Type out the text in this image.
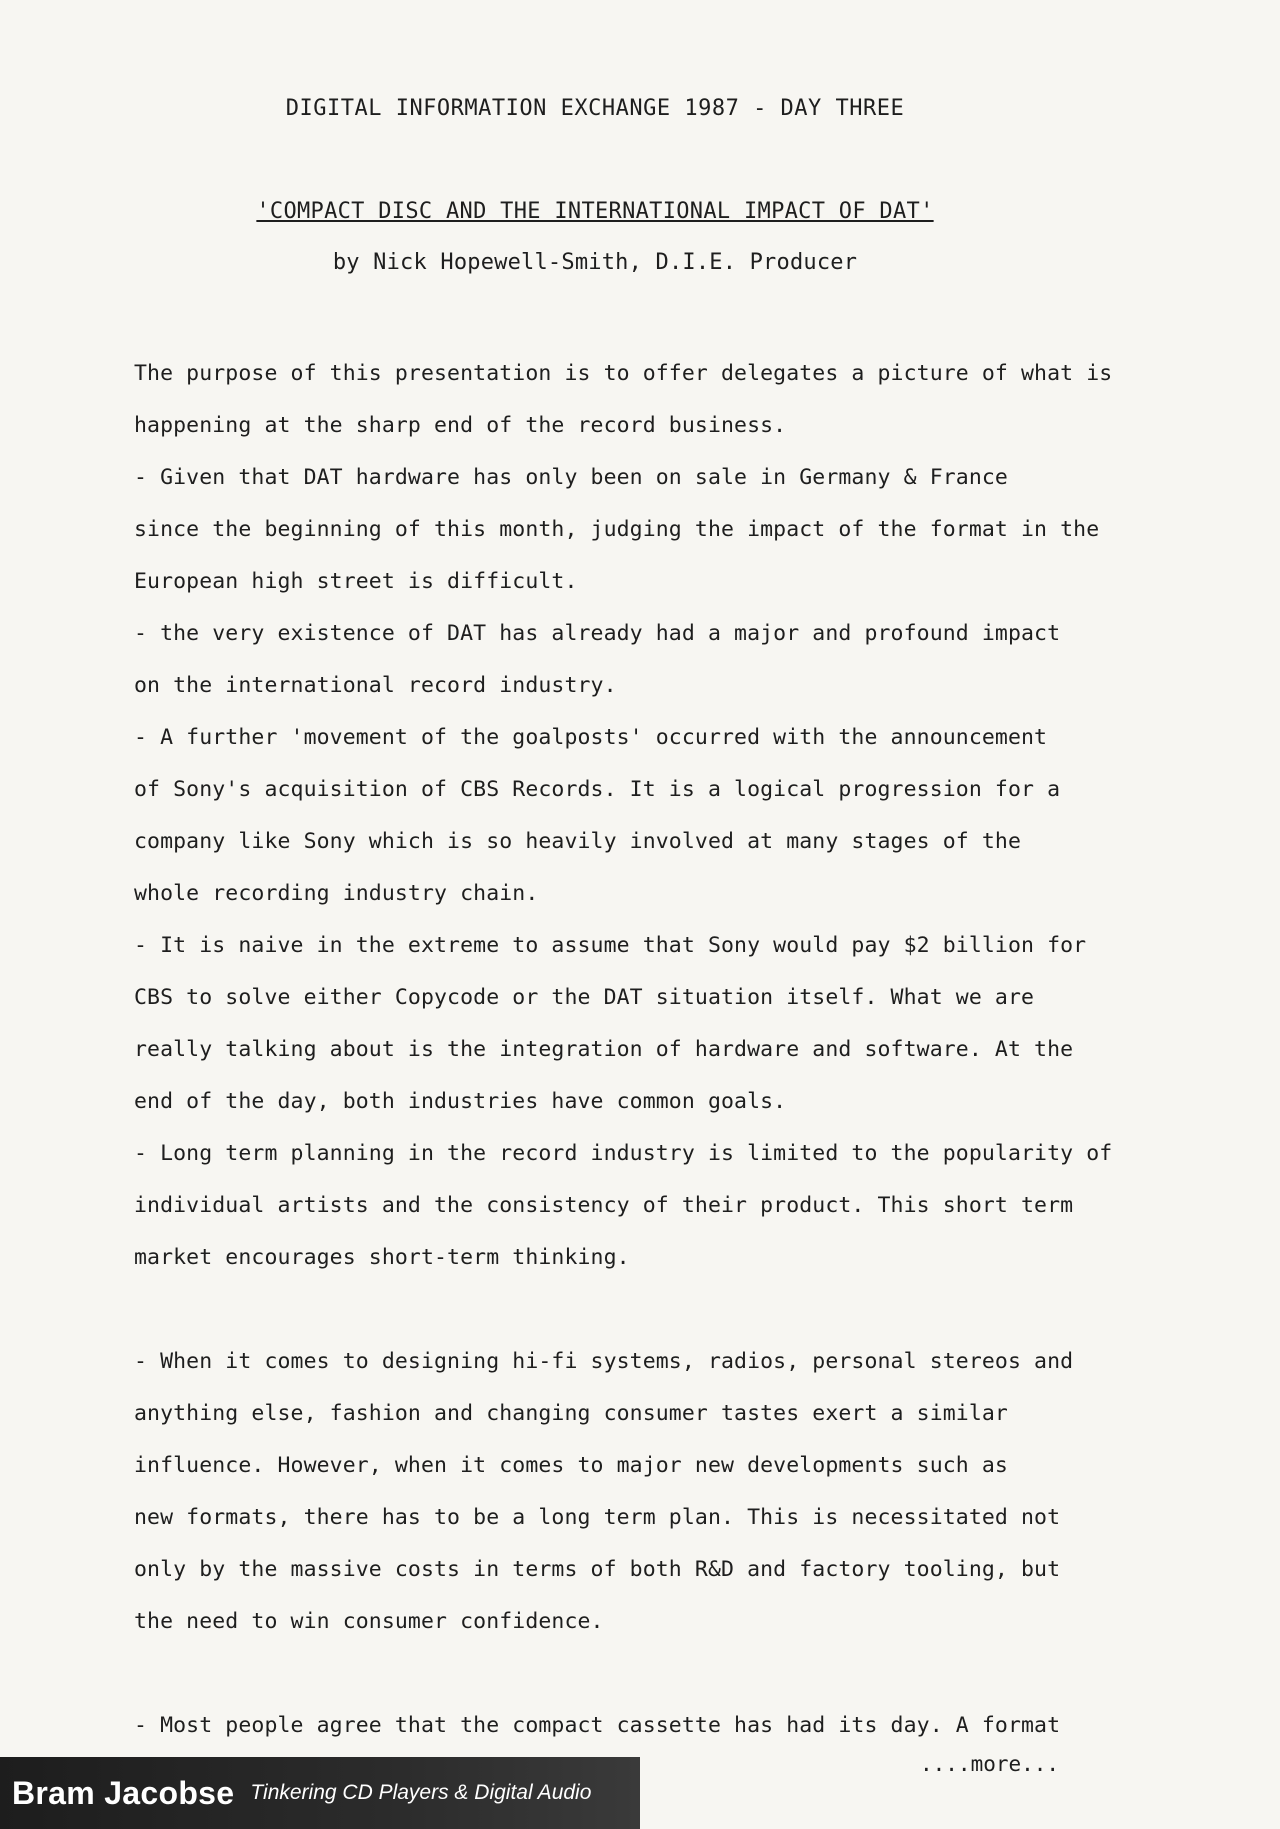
DIGITAL INFORMATION EXCHANGE 1987 - DAY THREE
'COMPACT DISC AND THE INTERNATIONAL IMPACT OF DAT'
by Nick Hopewell-Smith, D.I.E. Producer
The purpose of this presentation is to offer delegates a picture of what is
happening at the sharp end of the record business.
- Given that DAT hardware has only been on sale in Germany & France
since the beginning of this month, judging the impact of the format in the
European high street is difficult.
- the very existence of DAT has already had a major and profound impact
on the international record industry.
- A further 'movement of the goalposts' occurred with the announcement
of Sony's acquisition of CBS Records. It is a logical progression for a
company like Sony which is so heavily involved at many stages of the
whole recording industry chain.
- It is naive in the extreme to assume that Sony would pay $2 billion for
CBS to solve either Copycode or the DAT situation itself. What we are
really talking about is the integration of hardware and software. At the
end of the day, both industries have common goals.
- Long term planning in the record industry is limited to the popularity of
individual artists and the consistency of their product. This short term
market encourages short-term thinking.
- When it comes to designing hi-fi systems, radios, personal stereos and
anything else, fashion and changing consumer tastes exert a similar
influence. However, when it comes to major new developments such as
new formats, there has to be a long term plan. This is necessitated not
only by the massive costs in terms of both R&D and factory tooling, but
the need to win consumer confidence.
- Most people agree that the compact cassette has had its day. A format
....more...
Bram Jacobse Tinkering CD Players & Digital Audio
